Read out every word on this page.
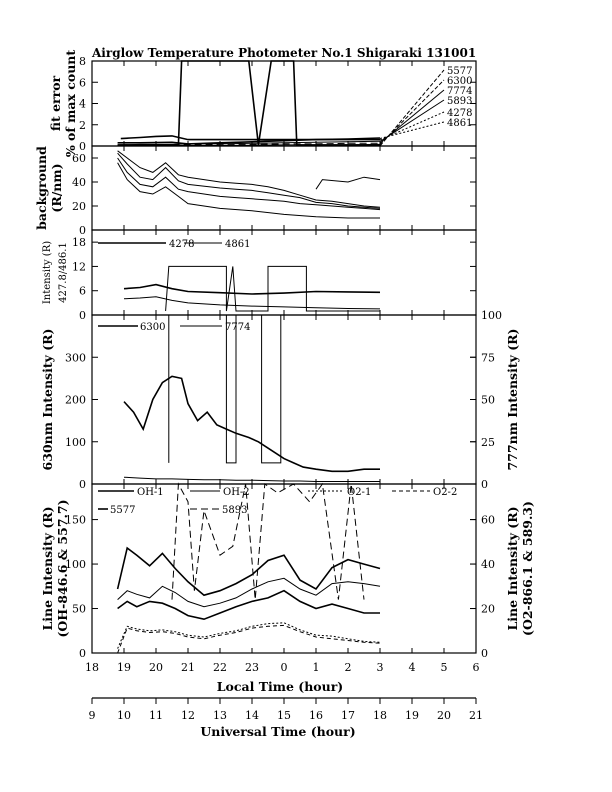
Airglow Temperature Photometer No.1 Shigaraki 131001
0
2
4
6
8
fit error % of max count	5577
6300
7774
5893
4278
4861
0
20
40
60
background (R/nm)
0
6
12
18
Intensity (R) 427.8/486.1	4278	4861
0
100
200
300
0
25
50
75
100
630nm Intensity (R)	777nm Intensity (R)
6300	7774
0
50
100
150
0
20
40
60
Line Intensity (R) (OH-846.6 & 557.7)	Line Intensity (R) (O2-866.1 & 589.3)
OH-1	OH-2	O2-1	O2-2
5577	5893
18 19 20 21 22 23 0 1 2 3 4 5 6
Local Time (hour)
9 10 11 12 13 14 15 16 17 18 19 20 21
Universal Time (hour)
